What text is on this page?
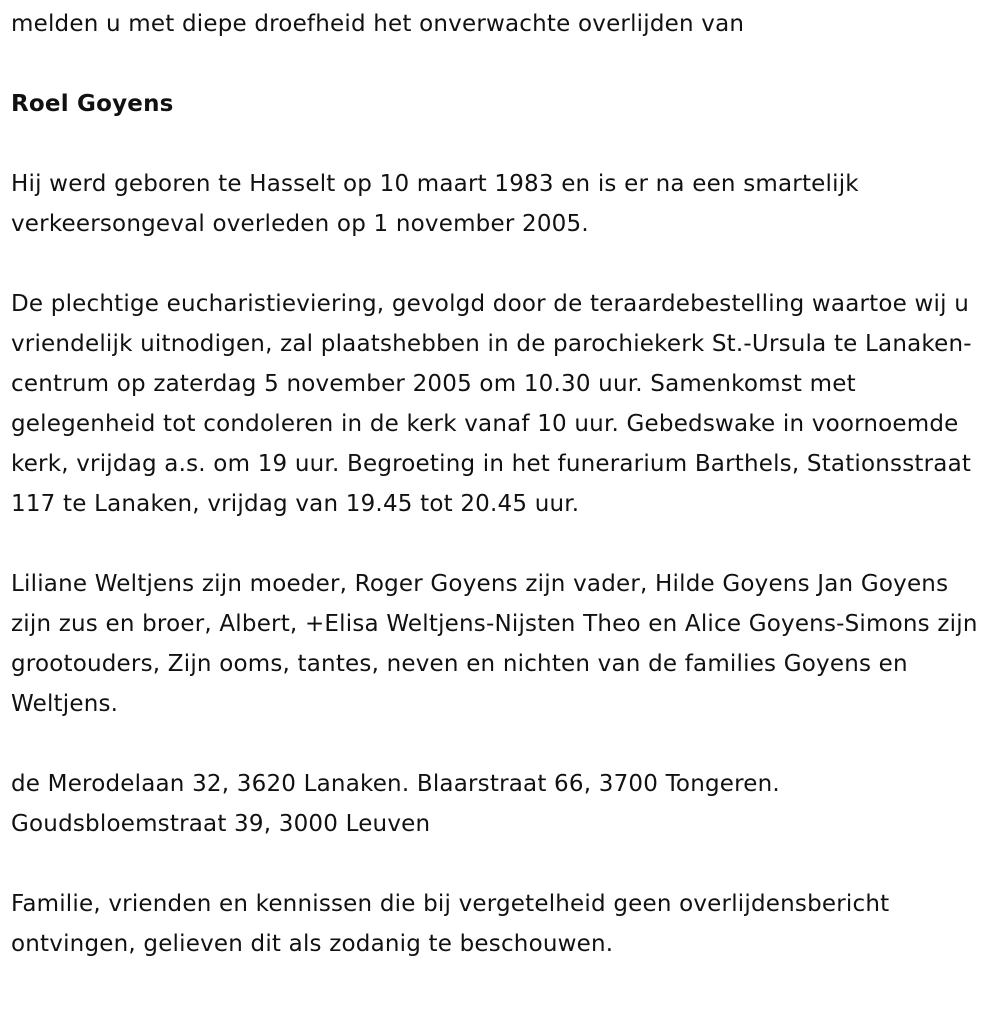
melden u met diepe droefheid het onverwachte overlijden van

Roel Goyens

Hij werd geboren te Hasselt op 10 maart 1983 en is er na een smartelijk verkeersongeval overleden op 1 november 2005.

De plechtige eucharistieviering, gevolgd door de teraardebestelling waartoe wij u vriendelijk uitnodigen, zal plaatshebben in de parochiekerk St.-Ursula te Lanaken-centrum op zaterdag 5 november 2005 om 10.30 uur. Samenkomst met gelegenheid tot condoleren in de kerk vanaf 10 uur. Gebedswake in voornoemde kerk, vrijdag a.s. om 19 uur. Begroeting in het funerarium Barthels, Stationsstraat 117 te Lanaken, vrijdag van 19.45 tot 20.45 uur.

Liliane Weltjens zijn moeder, Roger Goyens zijn vader, Hilde Goyens Jan Goyens zijn zus en broer, Albert, +Elisa Weltjens-Nijsten Theo en Alice Goyens-Simons zijn grootouders, Zijn ooms, tantes, neven en nichten van de families Goyens en Weltjens.

de Merodelaan 32, 3620 Lanaken. Blaarstraat 66, 3700 Tongeren.
Goudsbloemstraat 39, 3000 Leuven

Familie, vrienden en kennissen die bij vergetelheid geen overlijdensbericht ontvingen, gelieven dit als zodanig te beschouwen.
